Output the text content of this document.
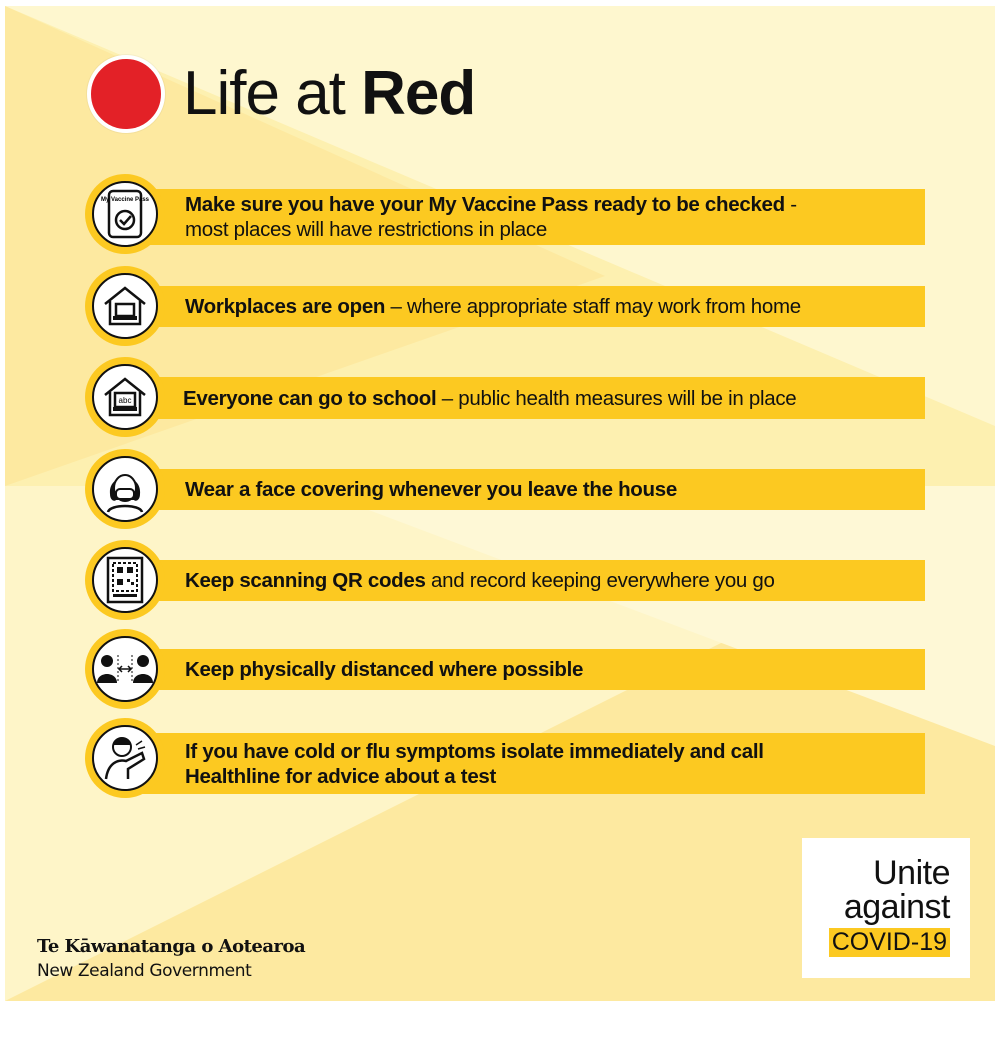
Life at Red
Make sure you have your My Vaccine Pass ready to be checked -
most places will have restrictions in place
My Vaccine Pass
Workplaces are open – where appropriate staff may work from home
Everyone can go to school – public health measures will be in place
abc
Wear a face covering whenever you leave the house
Keep scanning QR codes and record keeping everywhere you go
Keep physically distanced where possible
If you have cold or flu symptoms isolate immediately and call
Healthline for advice about a test
Te Kāwanatanga o Aotearoa
New Zealand Government
Unite
against
COVID-19
